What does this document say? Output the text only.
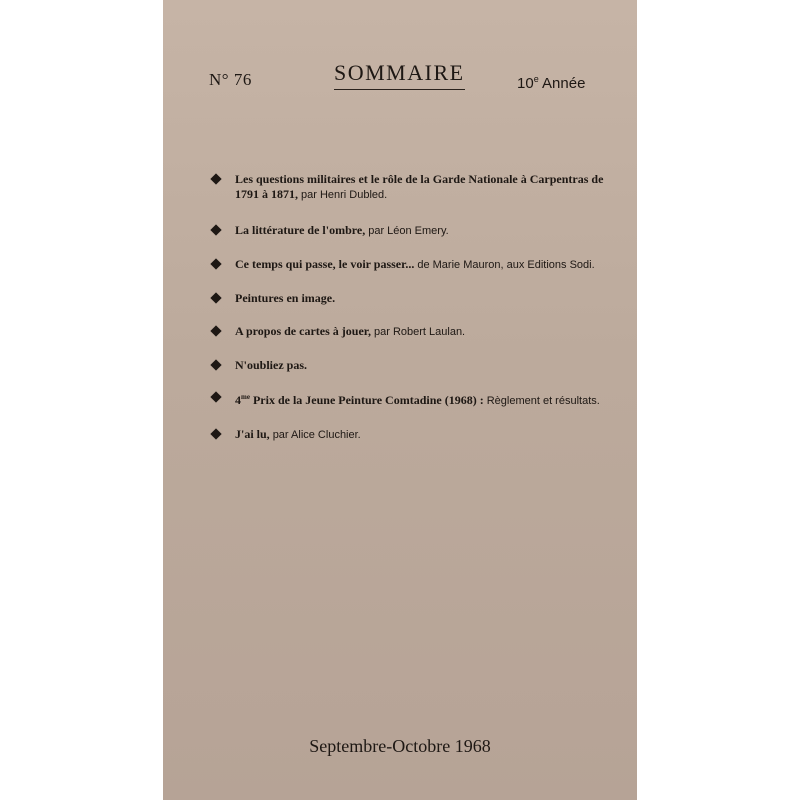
N° 76	SOMMAIRE	10e Année
Les questions militaires et le rôle de la Garde Nationale à Carpentras de 1791 à 1871, par Henri Dubled.
La littérature de l'ombre, par Léon Emery.
Ce temps qui passe, le voir passer... de Marie Mauron, aux Editions Sodi.
Peintures en image.
A propos de cartes à jouer, par Robert Laulan.
N'oubliez pas.
$4^{me}$ Prix de la Jeune Peinture Comtadine (1968) : Règlement et résultats.
J'ai lu, par Alice Cluchier.
Septembre-Octobre 1968
